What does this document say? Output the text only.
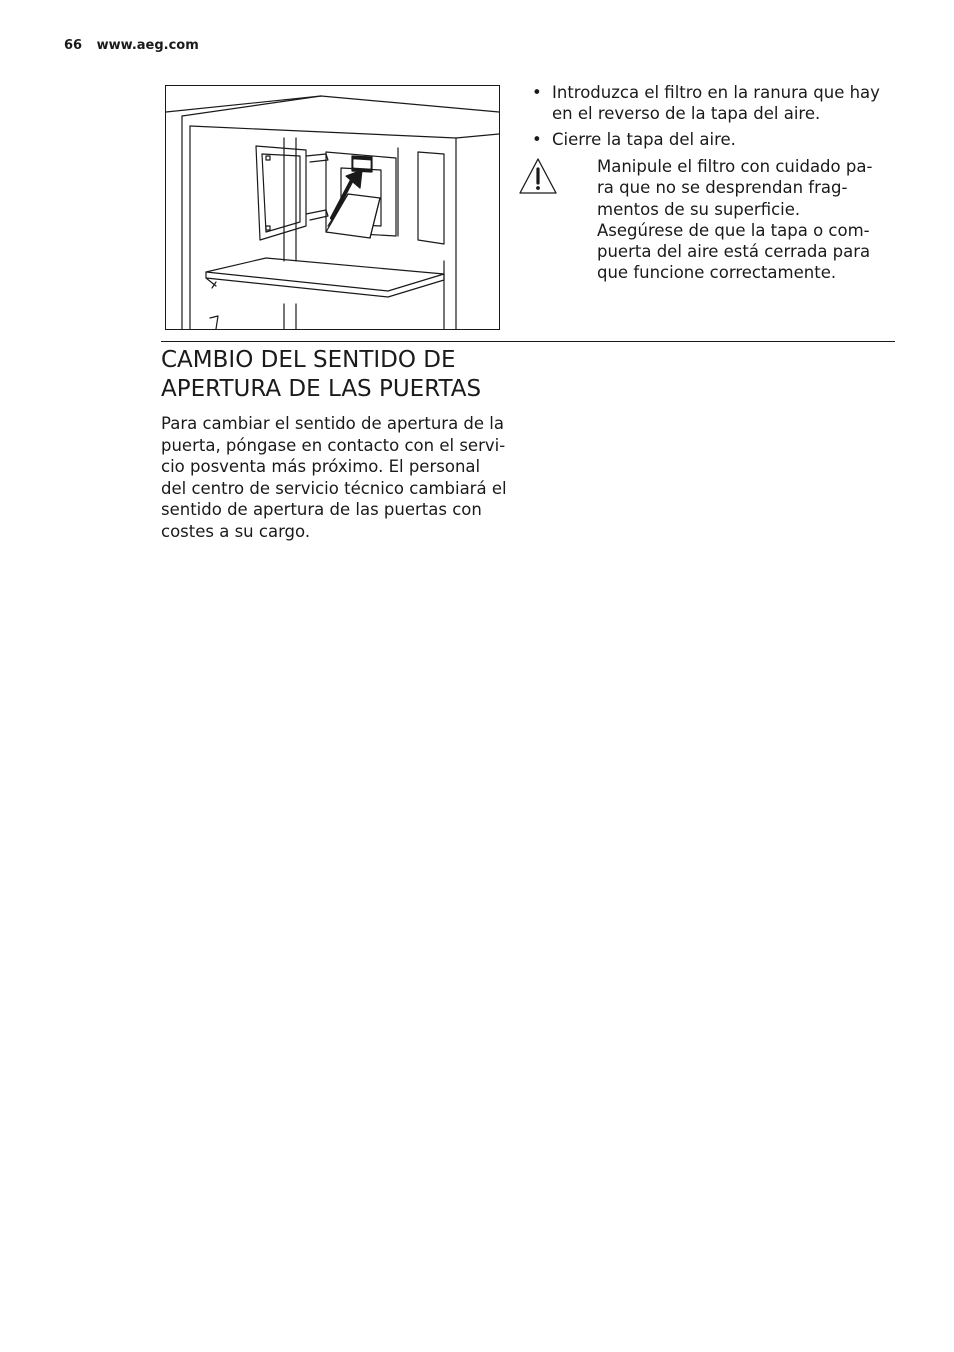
66 www.aeg.com
• Introduzca el filtro en la ranura que hay en el reverso de la tapa del aire.
• Cierre la tapa del aire.

Manipule el filtro con cuidado pa-

ra que no se desprendan frag-

mentos de su superficie.

Asegúrese de que la tapa o com-

puerta del aire está cerrada para

que funcione correctamente.

CAMBIO DEL SENTIDO DE
APERTURA DE LAS PUERTAS

Para cambiar el sentido de apertura de la
puerta, póngase en contacto con el servi-
cio posventa más próximo. El personal
del centro de servicio técnico cambiará el
sentido de apertura de las puertas con
costes a su cargo.
